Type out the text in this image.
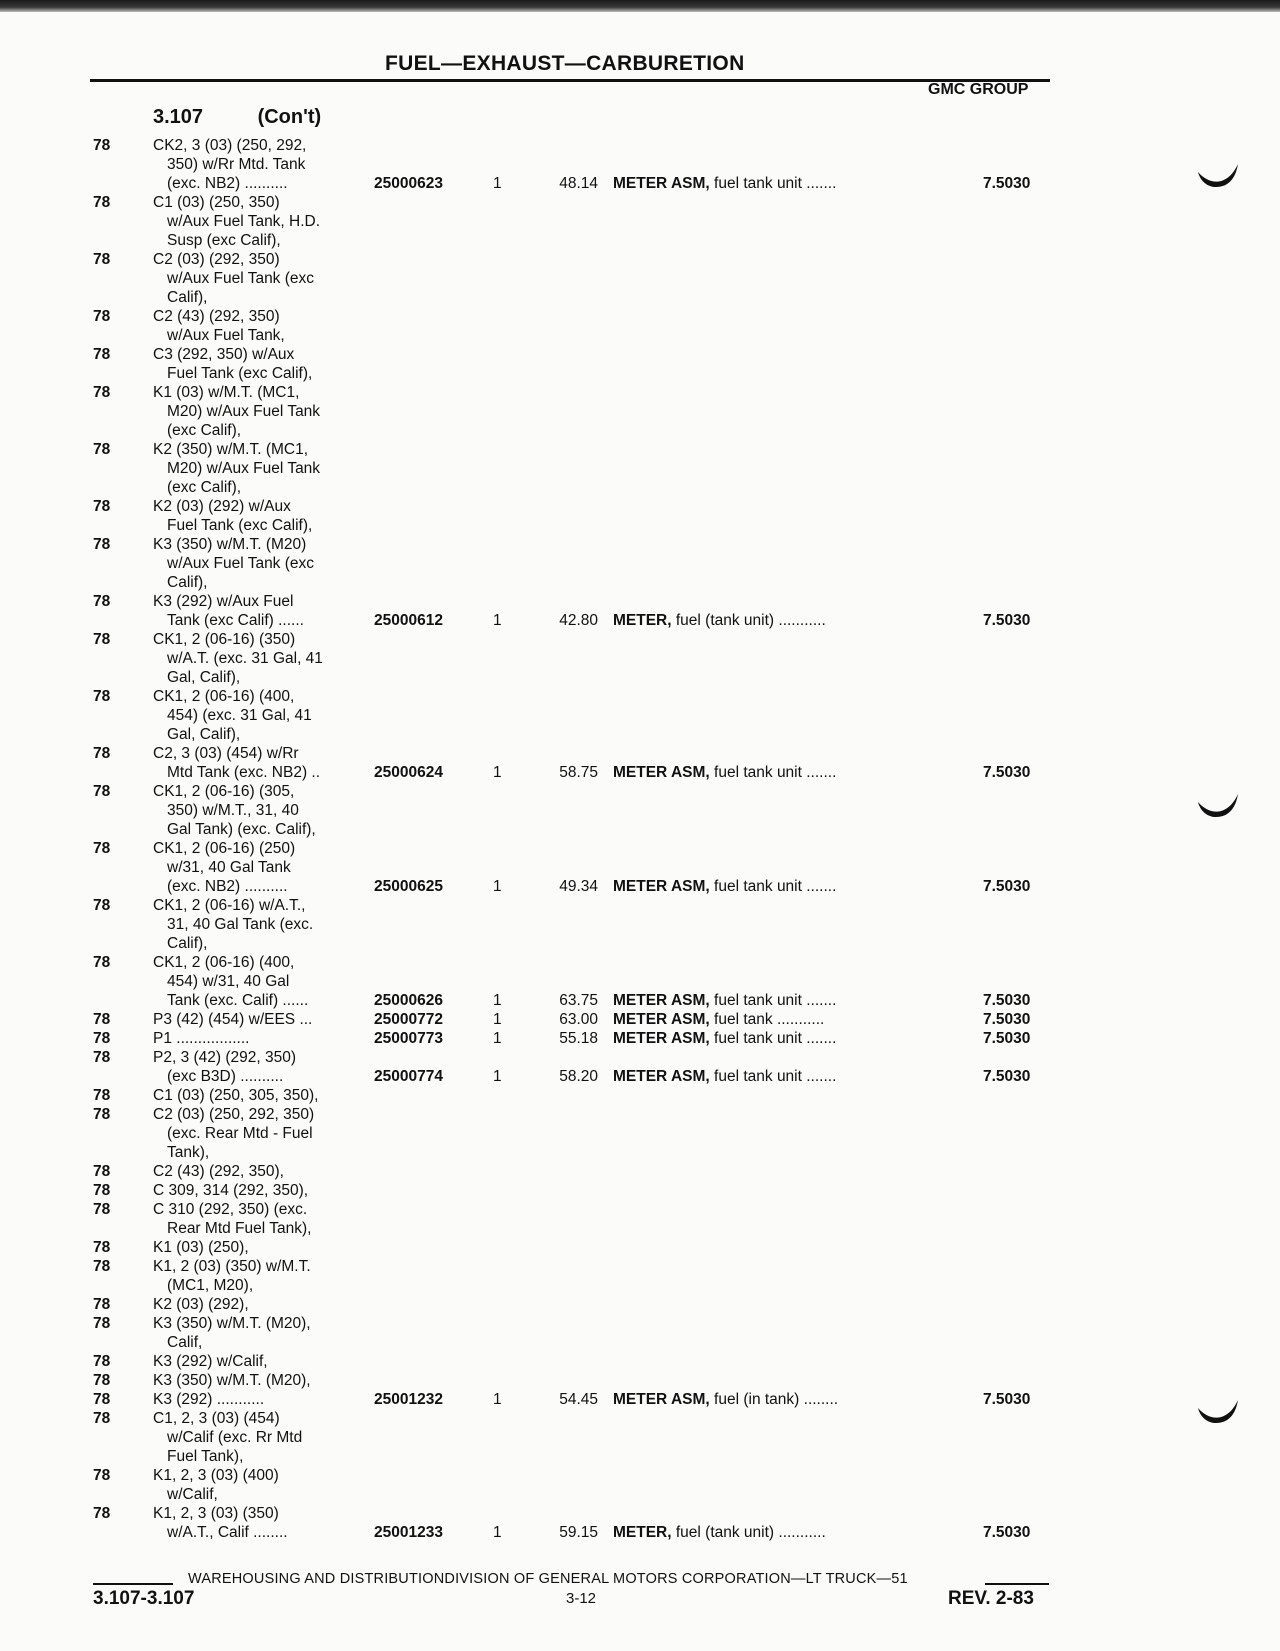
FUEL—EXHAUST—CARBURETION
GMC GROUP
3.107	(Con't)
78	CK2, 3 (03) (250, 292,
350) w/Rr Mtd. Tank
(exc. NB2) ..........	25000623	1	48.14 METER ASM, fuel tank unit .......	7.5030
78	C1 (03) (250, 350)
w/Aux Fuel Tank, H.D.
Susp (exc Calif),
78	C2 (03) (292, 350)
w/Aux Fuel Tank (exc
Calif),
78	C2 (43) (292, 350)
w/Aux Fuel Tank,
78	C3 (292, 350) w/Aux
Fuel Tank (exc Calif),
78	K1 (03) w/M.T. (MC1,
M20) w/Aux Fuel Tank
(exc Calif),
78	K2 (350) w/M.T. (MC1,
M20) w/Aux Fuel Tank
(exc Calif),
78	K2 (03) (292) w/Aux
Fuel Tank (exc Calif),
78	K3 (350) w/M.T. (M20)
w/Aux Fuel Tank (exc
Calif),
78	K3 (292) w/Aux Fuel
Tank (exc Calif) ......	25000612	1	42.80 METER, fuel (tank unit) ...........	7.5030
78	CK1, 2 (06-16) (350)
w/A.T. (exc. 31 Gal, 41
Gal, Calif),
78	CK1, 2 (06-16) (400,
454) (exc. 31 Gal, 41
Gal, Calif),
78	C2, 3 (03) (454) w/Rr
Mtd Tank (exc. NB2) ..	25000624	1	58.75 METER ASM, fuel tank unit .......	7.5030
78	CK1, 2 (06-16) (305,
350) w/M.T., 31, 40
Gal Tank) (exc. Calif),
78	CK1, 2 (06-16) (250)
w/31, 40 Gal Tank
(exc. NB2) ..........	25000625	1	49.34 METER ASM, fuel tank unit .......	7.5030
78	CK1, 2 (06-16) w/A.T.,
31, 40 Gal Tank (exc.
Calif),
78	CK1, 2 (06-16) (400,
454) w/31, 40 Gal
Tank (exc. Calif) ......	25000626	1	63.75 METER ASM, fuel tank unit .......	7.5030
78	P3 (42) (454) w/EES ...	25000772	1	63.00 METER ASM, fuel tank ...........	7.5030
78	P1 .................	25000773	1	55.18 METER ASM, fuel tank unit .......	7.5030
78	P2, 3 (42) (292, 350)
(exc B3D) ..........	25000774	1	58.20 METER ASM, fuel tank unit .......	7.5030
78	C1 (03) (250, 305, 350),
78	C2 (03) (250, 292, 350)
(exc. Rear Mtd - Fuel
Tank),
78	C2 (43) (292, 350),
78	C 309, 314 (292, 350),
78	C 310 (292, 350) (exc.
Rear Mtd Fuel Tank),
78	K1 (03) (250),
78	K1, 2 (03) (350) w/M.T.
(MC1, M20),
78	K2 (03) (292),
78	K3 (350) w/M.T. (M20),
Calif,
78	K3 (292) w/Calif,
78	K3 (350) w/M.T. (M20),
78	K3 (292) ...........	25001232	1	54.45 METER ASM, fuel (in tank) ........	7.5030
78	C1, 2, 3 (03) (454)
w/Calif (exc. Rr Mtd
Fuel Tank),
78	K1, 2, 3 (03) (400)
w/Calif,
78	K1, 2, 3 (03) (350)
w/A.T., Calif ........	25001233	1	59.15 METER, fuel (tank unit) ...........	7.5030
WAREHOUSING AND DISTRIBUTIONDIVISION OF GENERAL MOTORS CORPORATION—LT TRUCK—51
3.107-3.107	3-12	REV. 2-83
